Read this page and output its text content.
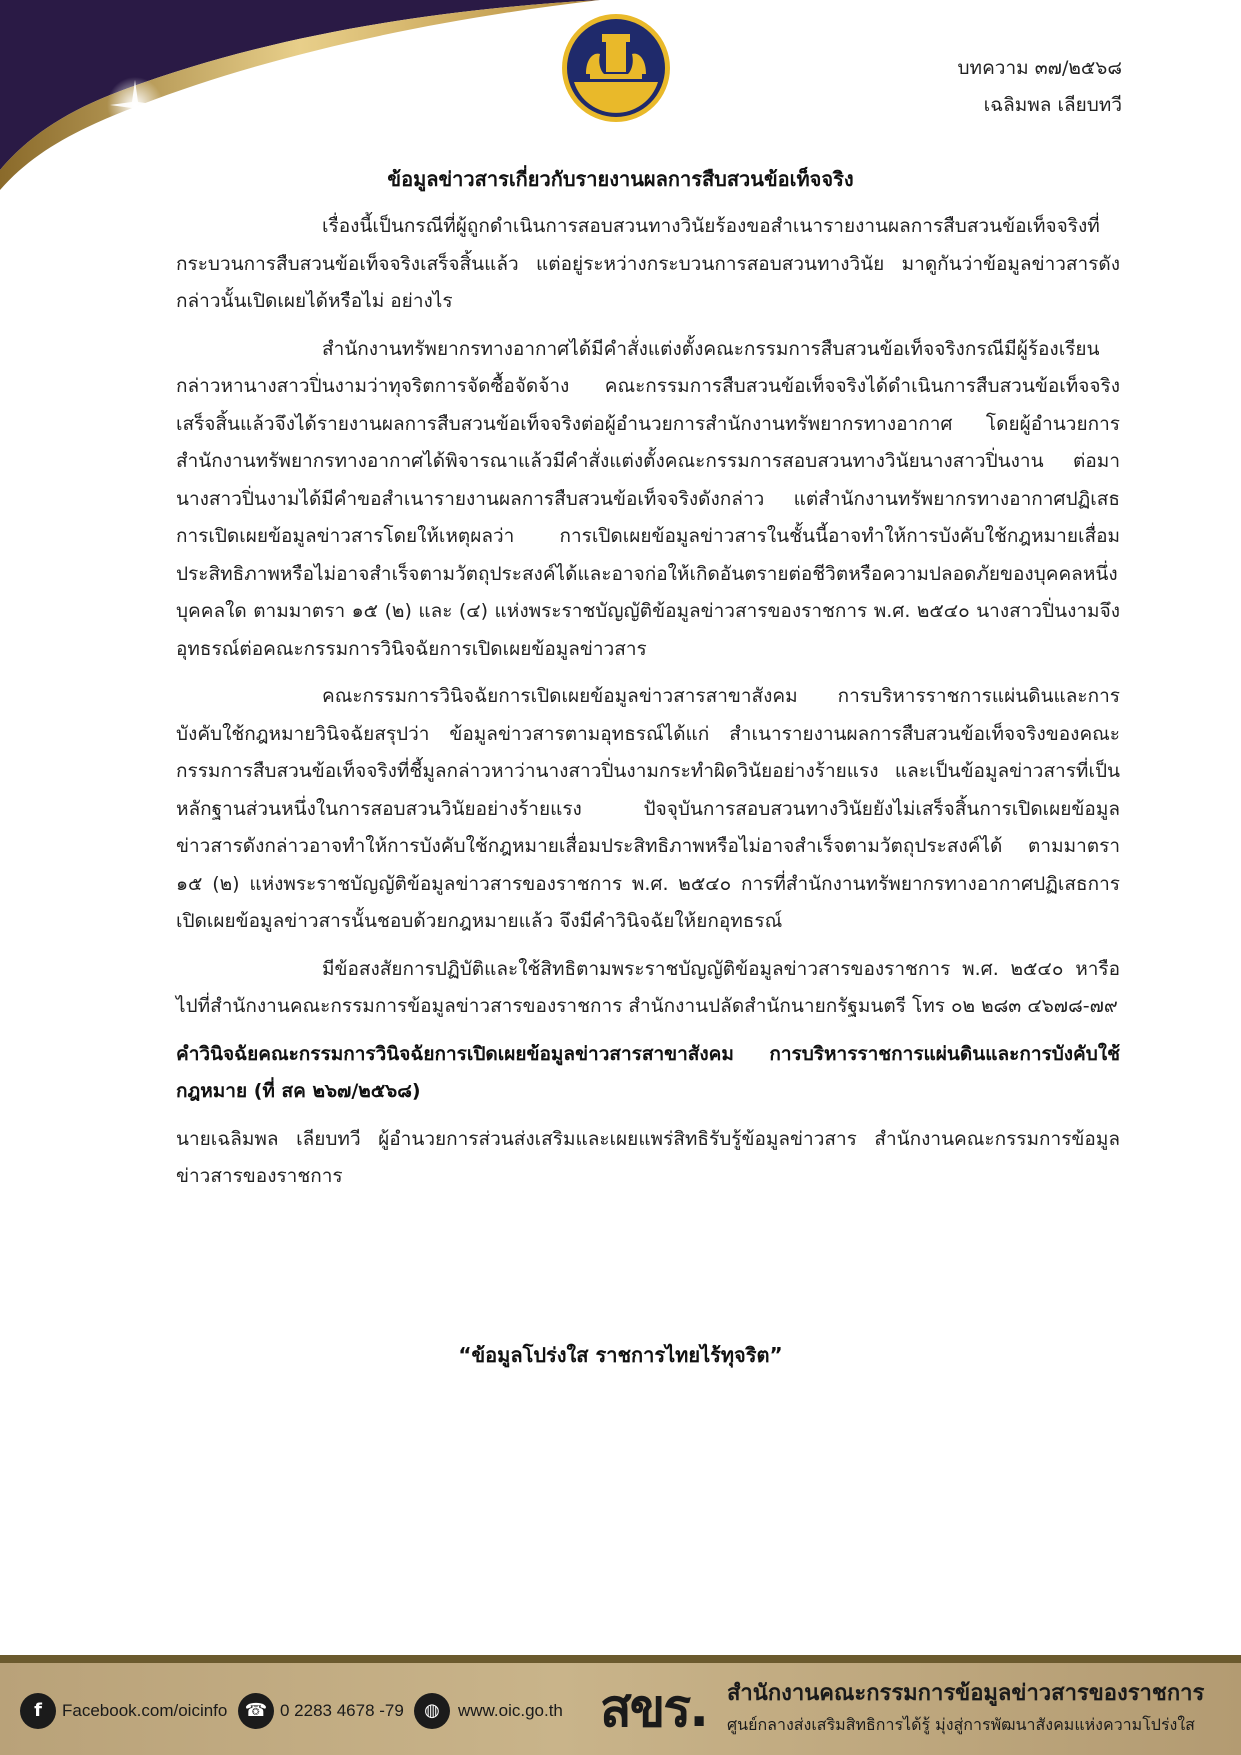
บทความ ๓๗/๒๕๖๘
เฉลิมพล เลียบทวี
ข้อมูลข่าวสารเกี่ยวกับรายงานผลการสืบสวนข้อเท็จจริง

เรื่องนี้เป็นกรณีที่ผู้ถูกดำเนินการสอบสวนทางวินัยร้องขอสำเนารายงานผลการสืบสวนข้อเท็จจริงที่กระบวนการสืบสวนข้อเท็จจริงเสร็จสิ้นแล้ว แต่อยู่ระหว่างกระบวนการสอบสวนทางวินัย มาดูกันว่าข้อมูลข่าวสารดังกล่าวนั้นเปิดเผยได้หรือไม่ อย่างไร

สำนักงานทรัพยากรทางอากาศได้มีคำสั่งแต่งตั้งคณะกรรมการสืบสวนข้อเท็จจริงกรณีมีผู้ร้องเรียนกล่าวหานางสาวปิ่นงามว่าทุจริตการจัดซื้อจัดจ้าง คณะกรรมการสืบสวนข้อเท็จจริงได้ดำเนินการสืบสวนข้อเท็จจริงเสร็จสิ้นแล้วจึงได้รายงานผลการสืบสวนข้อเท็จจริงต่อผู้อำนวยการสำนักงานทรัพยากรทางอากาศ โดยผู้อำนวยการสำนักงานทรัพยากรทางอากาศได้พิจารณาแล้วมีคำสั่งแต่งตั้งคณะกรรมการสอบสวนทางวินัยนางสาวปิ่นงาน ต่อมานางสาวปิ่นงามได้มีคำขอสำเนารายงานผลการสืบสวนข้อเท็จจริงดังกล่าว แต่สำนักงานทรัพยากรทางอากาศปฏิเสธการเปิดเผยข้อมูลข่าวสารโดยให้เหตุผลว่า การเปิดเผยข้อมูลข่าวสารในชั้นนี้อาจทำให้การบังคับใช้กฎหมายเสื่อมประสิทธิภาพหรือไม่อาจสำเร็จตามวัตถุประสงค์ได้และอาจก่อให้เกิดอันตรายต่อชีวิตหรือความปลอดภัยของบุคคลหนึ่ง บุคคลใด ตามมาตรา ๑๕ (๒) และ (๔) แห่งพระราชบัญญัติข้อมูลข่าวสารของราชการ พ.ศ. ๒๕๔๐ นางสาวปิ่นงามจึงอุทธรณ์ต่อคณะกรรมการวินิจฉัยการเปิดเผยข้อมูลข่าวสาร

คณะกรรมการวินิจฉัยการเปิดเผยข้อมูลข่าวสารสาขาสังคม การบริหารราชการแผ่นดินและการบังคับใช้กฎหมายวินิจฉัยสรุปว่า ข้อมูลข่าวสารตามอุทธรณ์ได้แก่ สำเนารายงานผลการสืบสวนข้อเท็จจริงของคณะกรรมการสืบสวนข้อเท็จจริงที่ชี้มูลกล่าวหาว่านางสาวปิ่นงามกระทำผิดวินัยอย่างร้ายแรง และเป็นข้อมูลข่าวสารที่เป็นหลักฐานส่วนหนึ่งในการสอบสวนวินัยอย่างร้ายแรง ปัจจุบันการสอบสวนทางวินัยยังไม่เสร็จสิ้นการเปิดเผยข้อมูลข่าวสารดังกล่าวอาจทำให้การบังคับใช้กฎหมายเสื่อมประสิทธิภาพหรือไม่อาจสำเร็จตามวัตถุประสงค์ได้ ตามมาตรา ๑๕ (๒) แห่งพระราชบัญญัติข้อมูลข่าวสารของราชการ พ.ศ. ๒๕๔๐ การที่สำนักงานทรัพยากรทางอากาศปฏิเสธการเปิดเผยข้อมูลข่าวสารนั้นชอบด้วยกฎหมายแล้ว จึงมีคำวินิจฉัยให้ยกอุทธรณ์

มีข้อสงสัยการปฏิบัติและใช้สิทธิตามพระราชบัญญัติข้อมูลข่าวสารของราชการ พ.ศ. ๒๕๔๐ หารือไปที่สำนักงานคณะกรรมการข้อมูลข่าวสารของราชการ สำนักงานปลัดสำนักนายกรัฐมนตรี โทร ๐๒ ๒๘๓ ๔๖๗๘-๗๙

คำวินิจฉัยคณะกรรมการวินิจฉัยการเปิดเผยข้อมูลข่าวสารสาขาสังคม การบริหารราชการแผ่นดินและการบังคับใช้กฎหมาย (ที่ สค ๒๖๗/๒๕๖๘)

นายเฉลิมพล เลียบทวี ผู้อำนวยการส่วนส่งเสริมและเผยแพร่สิทธิรับรู้ข้อมูลข่าวสาร สำนักงานคณะกรรมการข้อมูลข่าวสารของราชการ

“ข้อมูลโปร่งใส ราชการไทยไร้ทุจริต”
f	Facebook.com/oicinfo ☎ 0 2283 4678 -79	◍	www.oic.go.th สขร. สำนักงานคณะกรรมการข้อมูลข่าวสารของราชการ
ศูนย์กลางส่งเสริมสิทธิการได้รู้ มุ่งสู่การพัฒนาสังคมแห่งความโปร่งใส
